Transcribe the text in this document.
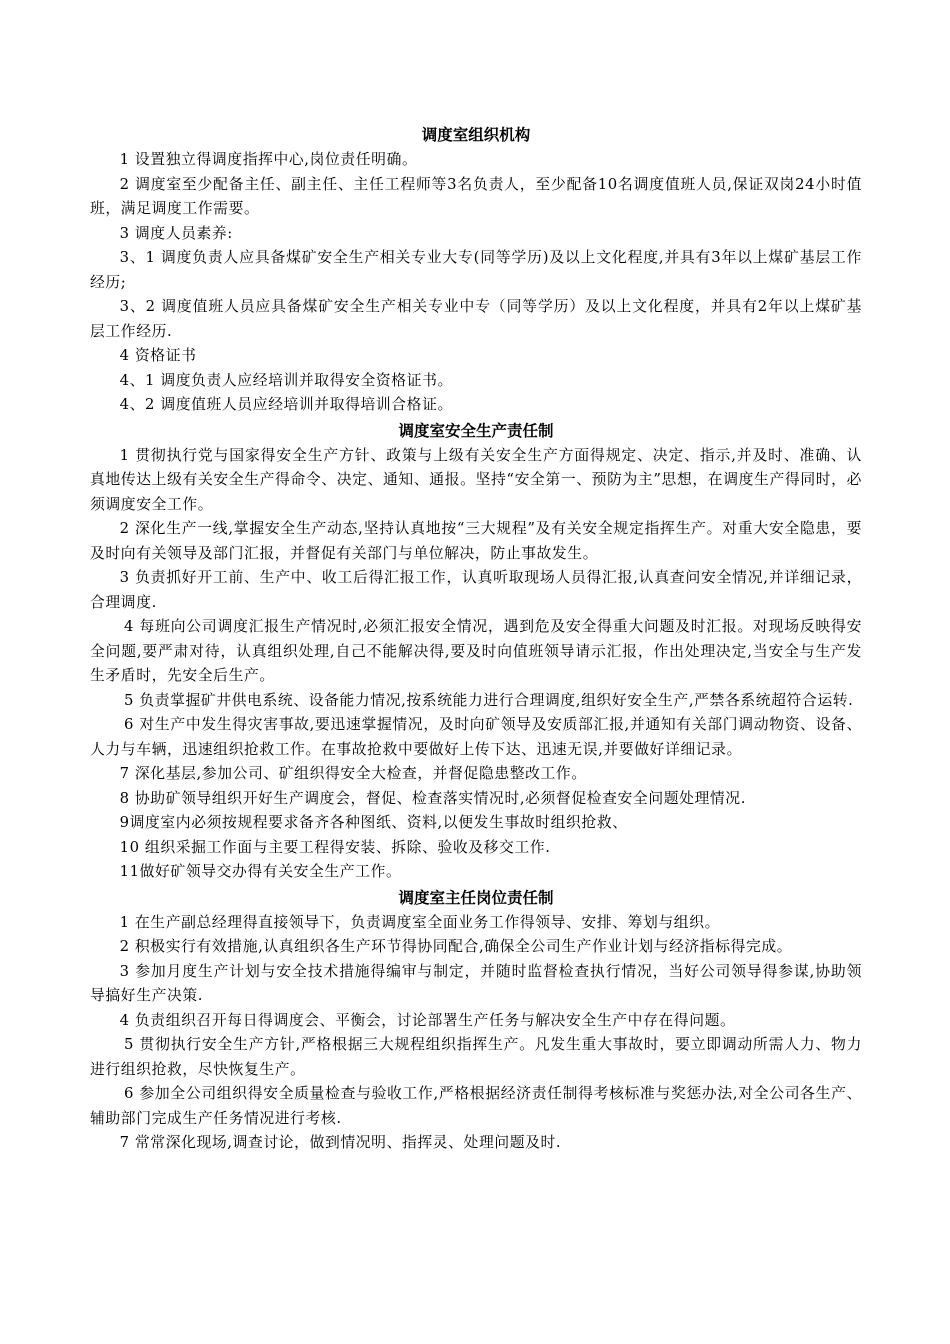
调度室组织机构

1 设置独立得调度指挥中心,岗位责任明确。

2 调度室至少配备主任、副主任、主任工程师等3名负责人，至少配备10名调度值班人员,保证双岗24小时值班，满足调度工作需要。

3 调度人员素养:

3、1 调度负责人应具备煤矿安全生产相关专业大专(同等学历)及以上文化程度,并具有3年以上煤矿基层工作经历;

3、2 调度值班人员应具备煤矿安全生产相关专业中专（同等学历）及以上文化程度，并具有2年以上煤矿基层工作经历.

4 资格证书

4、1 调度负责人应经培训并取得安全资格证书。

4、2 调度值班人员应经培训并取得培训合格证。

调度室安全生产责任制

1 贯彻执行党与国家得安全生产方针、政策与上级有关安全生产方面得规定、决定、指示,并及时、准确、认真地传达上级有关安全生产得命令、决定、通知、通报。坚持“安全第一、预防为主”思想，在调度生产得同时，必须调度安全工作。

2 深化生产一线,掌握安全生产动态,坚持认真地按“三大规程”及有关安全规定指挥生产。对重大安全隐患，要及时向有关领导及部门汇报，并督促有关部门与单位解决，防止事故发生。

3 负责抓好开工前、生产中、收工后得汇报工作，认真听取现场人员得汇报,认真查问安全情况,并详细记录，合理调度.

4 每班向公司调度汇报生产情况时,必须汇报安全情况，遇到危及安全得重大问题及时汇报。对现场反映得安全问题,要严肃对待，认真组织处理,自己不能解决得,要及时向值班领导请示汇报，作出处理决定,当安全与生产发生矛盾时，先安全后生产。

5 负责掌握矿井供电系统、设备能力情况,按系统能力进行合理调度,组织好安全生产,严禁各系统超符合运转.

6 对生产中发生得灾害事故,要迅速掌握情况，及时向矿领导及安质部汇报,并通知有关部门调动物资、设备、人力与车辆，迅速组织抢救工作。在事故抢救中要做好上传下达、迅速无误,并要做好详细记录。

7 深化基层,参加公司、矿组织得安全大检查，并督促隐患整改工作。

8 协助矿领导组织开好生产调度会，督促、检查落实情况时,必须督促检查安全问题处理情况.

9调度室内必须按规程要求备齐各种图纸、资料,以便发生事故时组织抢救、

10 组织采掘工作面与主要工程得安装、拆除、验收及移交工作.

11做好矿领导交办得有关安全生产工作。

调度室主任岗位责任制

1 在生产副总经理得直接领导下，负责调度室全面业务工作得领导、安排、筹划与组织。

2 积极实行有效措施,认真组织各生产环节得协同配合,确保全公司生产作业计划与经济指标得完成。

3 参加月度生产计划与安全技术措施得编审与制定，并随时监督检查执行情况，当好公司领导得参谋,协助领导搞好生产决策.

4 负责组织召开每日得调度会、平衡会，讨论部署生产任务与解决安全生产中存在得问题。

5 贯彻执行安全生产方针,严格根据三大规程组织指挥生产。凡发生重大事故时，要立即调动所需人力、物力进行组织抢救，尽快恢复生产。

6 参加全公司组织得安全质量检查与验收工作,严格根据经济责任制得考核标准与奖惩办法,对全公司各生产、辅助部门完成生产任务情况进行考核.

7 常常深化现场,调查讨论，做到情况明、指挥灵、处理问题及时.
